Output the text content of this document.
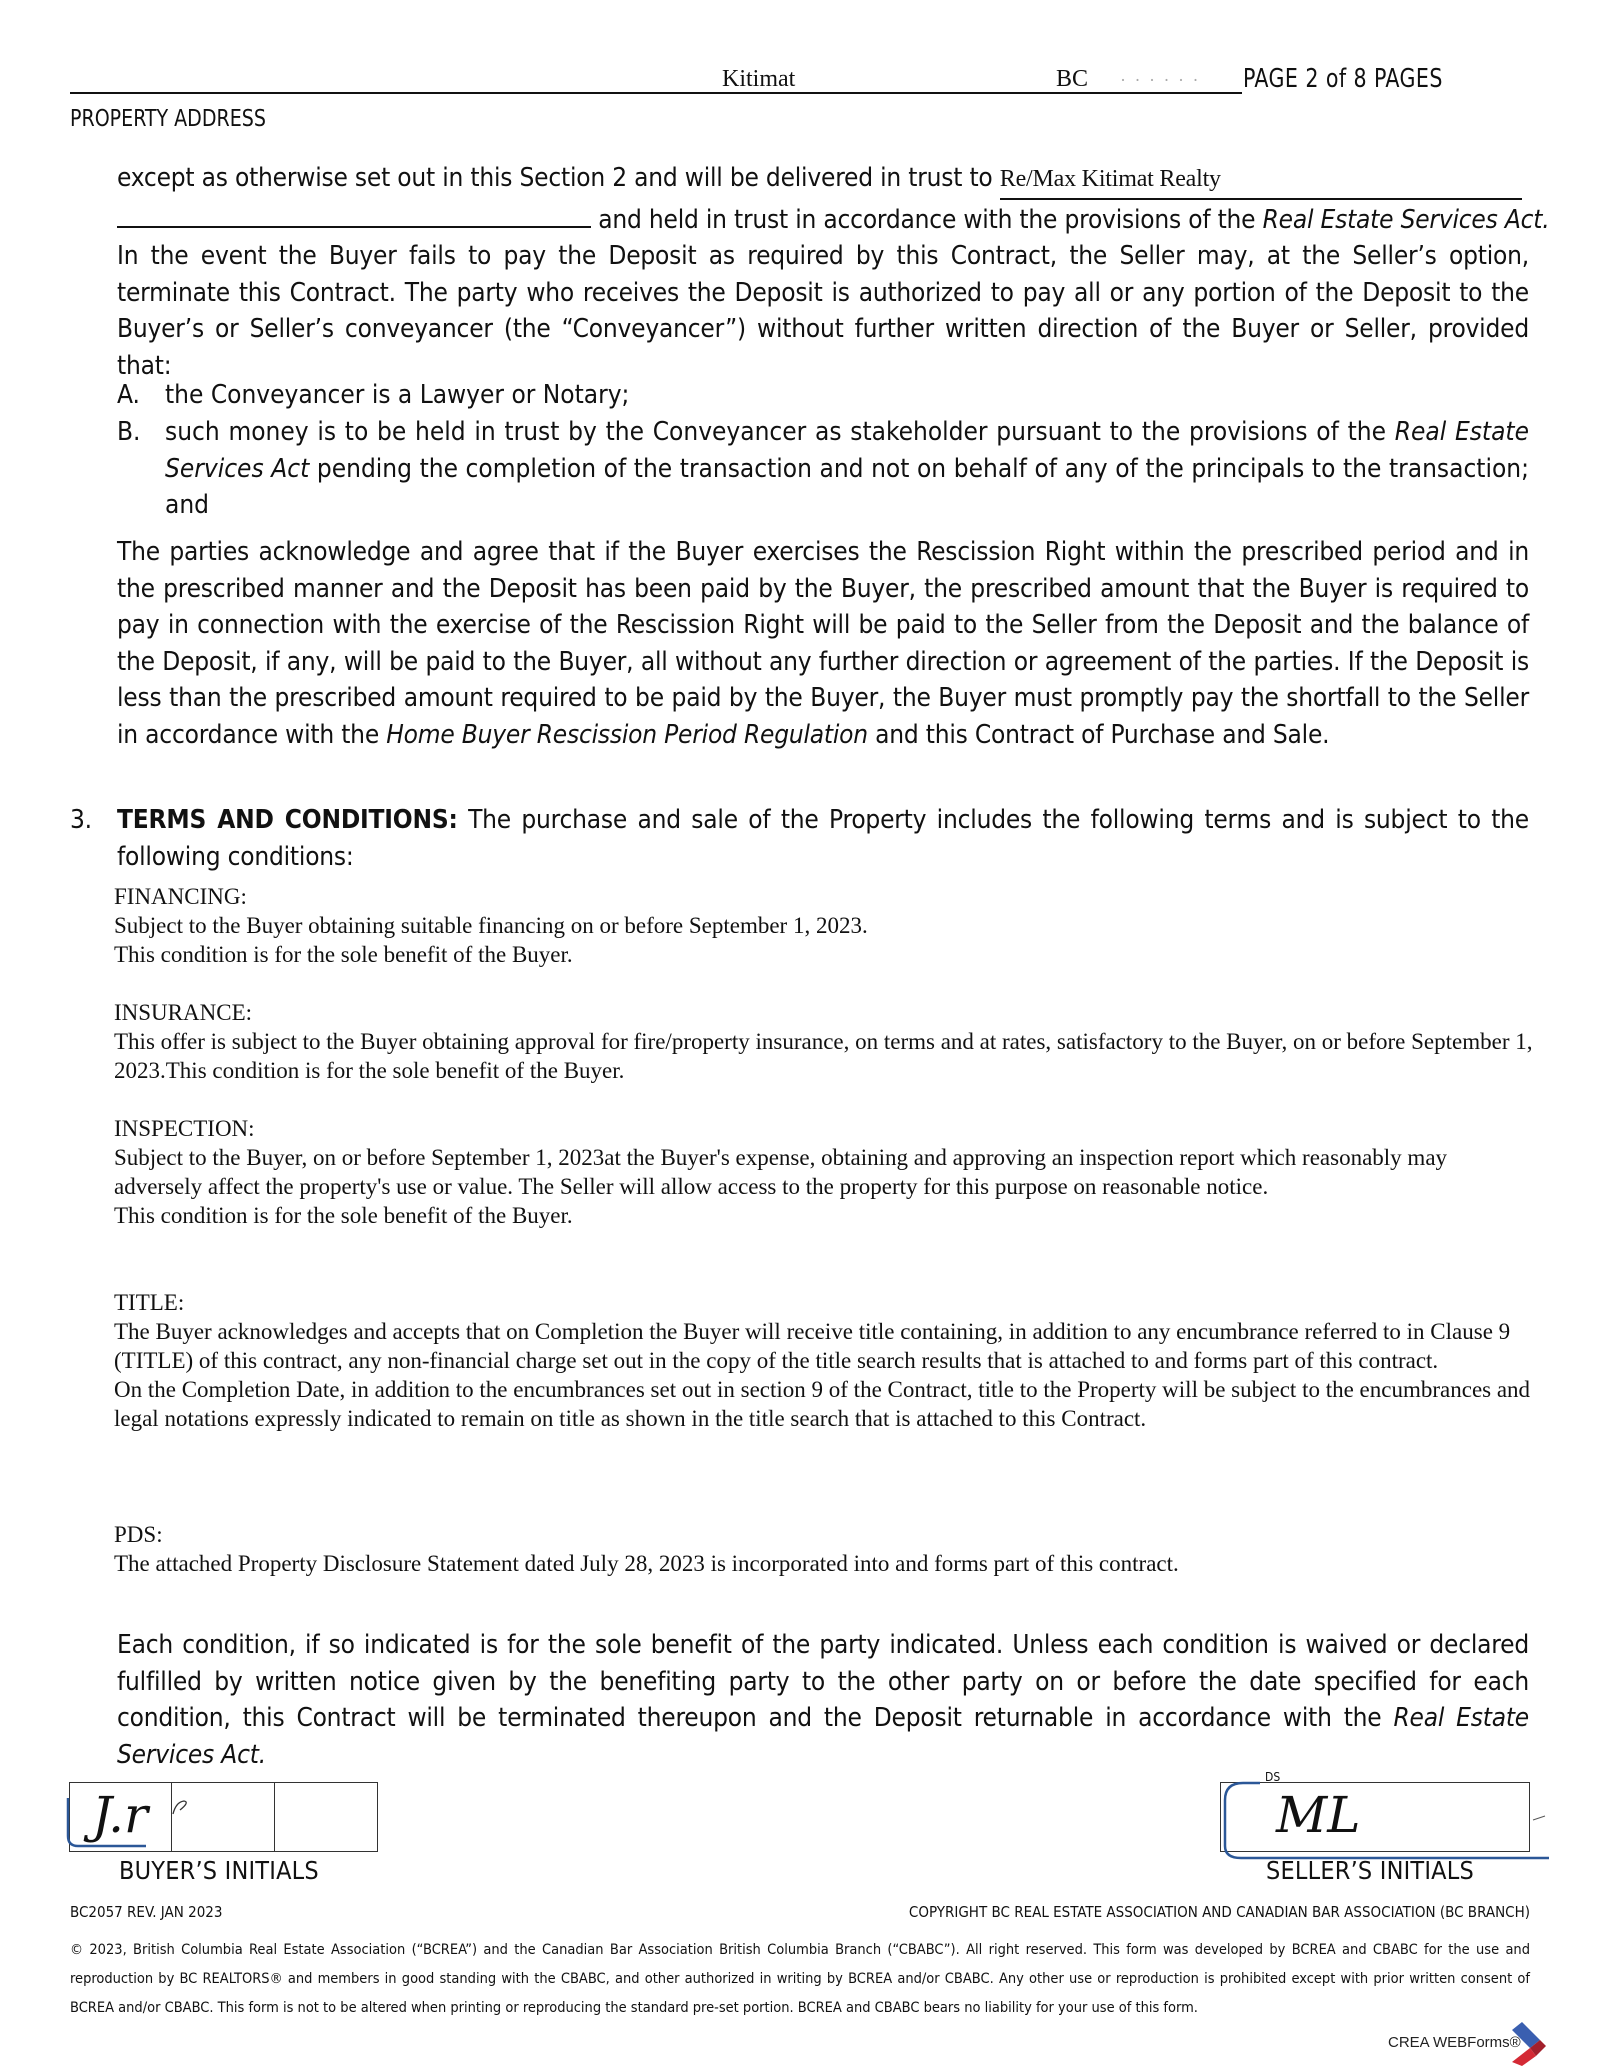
Kitimat	BC · · · · · · PAGE 2 of 8 PAGES
PROPERTY ADDRESS
except as otherwise set out in this Section 2 and will be delivered in trust to Re/Max Kitimat Realty
and held in trust in accordance with the provisions of the Real Estate Services Act.
In the event the Buyer fails to pay the Deposit as required by this Contract, the Seller may, at the Seller’s option, terminate this Contract. The party who receives the Deposit is authorized to pay all or any portion of the Deposit to the Buyer’s or Seller’s conveyancer (the “Conveyancer”) without further written direction of the Buyer or Seller, provided that:
A. the Conveyancer is a Lawyer or Notary;
B. such money is to be held in trust by the Conveyancer as stakeholder pursuant to the provisions of the Real Estate Services Act pending the completion of the transaction and not on behalf of any of the principals to the transaction; and
The parties acknowledge and agree that if the Buyer exercises the Rescission Right within the prescribed period and in the prescribed manner and the Deposit has been paid by the Buyer, the prescribed amount that the Buyer is required to pay in connection with the exercise of the Rescission Right will be paid to the Seller from the Deposit and the balance of the Deposit, if any, will be paid to the Buyer, all without any further direction or agreement of the parties. If the Deposit is less than the prescribed amount required to be paid by the Buyer, the Buyer must promptly pay the shortfall to the Seller in accordance with the Home Buyer Rescission Period Regulation and this Contract of Purchase and Sale.
3. TERMS AND CONDITIONS: The purchase and sale of the Property includes the following terms and is subject to the following conditions:
FINANCING:
Subject to the Buyer obtaining suitable financing on or before September 1, 2023.
This condition is for the sole benefit of the Buyer.
INSURANCE:
This offer is subject to the Buyer obtaining approval for fire/property insurance, on terms and at rates, satisfactory to the Buyer, on or before September 1, 2023.This condition is for the sole benefit of the Buyer.
INSPECTION:
Subject to the Buyer, on or before September 1, 2023at the Buyer's expense, obtaining and approving an inspection report which reasonably may adversely affect the property's use or value. The Seller will allow access to the property for this purpose on reasonable notice.
This condition is for the sole benefit of the Buyer.
TITLE:
The Buyer acknowledges and accepts that on Completion the Buyer will receive title containing, in addition to any encumbrance referred to in Clause 9 (TITLE) of this contract, any non-financial charge set out in the copy of the title search results that is attached to and forms part of this contract.
On the Completion Date, in addition to the encumbrances set out in section 9 of the Contract, title to the Property will be subject to the encumbrances and legal notations expressly indicated to remain on title as shown in the title search that is attached to this Contract.
PDS:
The attached Property Disclosure Statement dated July 28, 2023 is incorporated into and forms part of this contract.
Each condition, if so indicated is for the sole benefit of the party indicated. Unless each condition is waived or declared fulfilled by written notice given by the benefiting party to the other party on or before the date specified for each condition, this Contract will be terminated thereupon and the Deposit returnable in accordance with the Real Estate Services Act.
J.r
BUYER’S INITIALS
DS
ML
SELLER’S INITIALS
BC2057 REV. JAN 2023	COPYRIGHT BC REAL ESTATE ASSOCIATION AND CANADIAN BAR ASSOCIATION (BC BRANCH)
© 2023, British Columbia Real Estate Association (“BCREA”) and the Canadian Bar Association British Columbia Branch (“CBABC”). All right reserved. This form was developed by BCREA and CBABC for the use and reproduction by BC REALTORS® and members in good standing with the CBABC, and other authorized in writing by BCREA and/or CBABC. Any other use or reproduction is prohibited except with prior written consent of BCREA and/or CBABC. This form is not to be altered when printing or reproducing the standard pre-set portion. BCREA and CBABC bears no liability for your use of this form.
CREA WEBForms®
